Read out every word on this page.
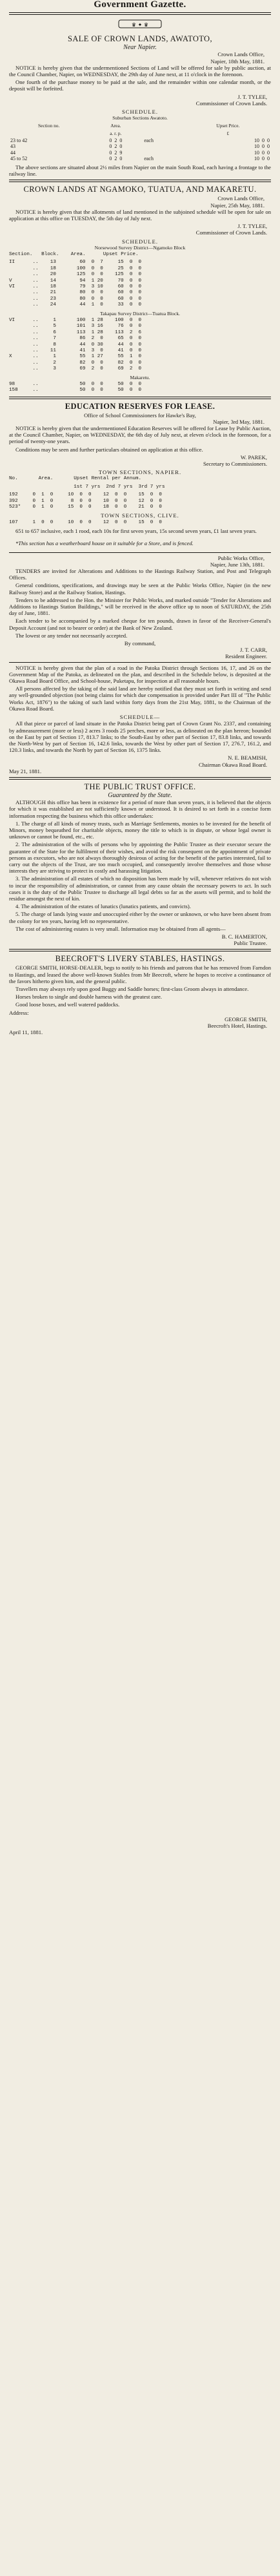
Government Gazette.
♛ ✦ ♛
SALE OF CROWN LANDS, AWATOTO,
Near Napier.
Crown Lands Office,
Napier, 18th May, 1881.

NOTICE is hereby given that the undermentioned Sections of Land will be offered for sale by public auction, at the Council Chamber, Napier, on WEDNESDAY, the 29th day of June next, at 11 o'clock in the forenoon.

One fourth of the purchase money to be paid at the sale, and the remainder within one calendar month, or the deposit will be forfeited.

J. T. TYLEE,
Commissioner of Crown Lands.
SCHEDULE.
Suburban Sections Awatoto.
Section no.	Area.		Upset Price.
	a. r. p.		£
23 to 42	0  2  0	each	10  0  0
43	0  2  0		10  0  0
44	0  2  9		10  0  0
45 to 52	0  2  0	each	10  0  0

The above sections are situated about 2½ miles from Napier on the main South Road, each having a frontage to the railway line.

CROWN LANDS AT NGAMOKO, TUATUA, AND MAKARETU.
Crown Lands Office,
Napier, 25th May, 1881.

NOTICE is hereby given that the allotments of land mentioned in the subjoined schedule will be open for sale on application at this office on TUESDAY, the 5th day of July next.

J. T. TYLEE,
Commissioner of Crown Lands.
SCHEDULE.
Norsewood Survey District—Ngamoko Block
Section. Block. Area.	Upset Price.
II      ..    13        60  0  7     15  0  0
..    18       100  0  0     25  0  0
..    20       125  0  0    125  0  0
V       ..    14        94  1 20     70  0  0
VI      ..    18        79  3 10     60  0  0
..    21        80  0  0     60  0  0
..    23        80  0  0     60  0  0
..    24        44  1  0     33  0  0
Takapau Survey District—Tuatua Block.
VI      ..     1       100  1 28    100  0  0
..     5       101  3 16     76  0  0
..     6       113  1 28    113  2  6
..     7        86  2  0     65  0  0
..     8        44  0 30     44  0  0
..    11        41  3  0     41  0  0
X       ..     1        55  1 27     55  1  0
..     2        82  0  0     82  0  0
..     3        69  2  0     69  2  0
Makaretu.
98      ..              50  0  0     50  0  0
158     ..              50  0  0     50  0  0
EDUCATION RESERVES FOR LEASE.
Office of School Commissioners for Hawke's Bay,
Napier, 3rd May, 1881.

NOTICE is hereby given that the undermentioned Education Reserves will be offered for Lease by Public Auction, at the Council Chamber, Napier, on WEDNESDAY, the 6th day of July next, at eleven o'clock in the forenoon, for a period of twenty-one years.

Conditions may be seen and further particulars obtained on application at this office.

W. PAREK,
Secretary to Commissioners.
TOWN SECTIONS, NAPIER.
No.       Area.       Upset Rental per Annum.
1st 7 yrs  2nd 7 yrs  3rd 7 yrs
192     0  1  0     10  0  0    12  0  0    15  0  0
392     0  1  0      8  0  0    10  0  0    12  0  0
523*    0  1  0     15  0  0    18  0  0    21  0  0
TOWN SECTIONS, CLIVE.
107     1  0  0     10  0  0    12  0  0    15  0  0

651 to 657 inclusive, each 1 rood, each 10s for first seven years, 15s second seven years, £1 last seven years.

*This section has a weatherboard house on it suitable for a Store, and is fenced.

Public Works Office,
Napier, June 13th, 1881.

TENDERS are invited for Alterations and Additions to the Hastings Railway Station, and Post and Telegraph Offices.

General conditions, specifications, and drawings may be seen at the Public Works Office, Napier (in the new Railway Store) and at the Railway Station, Hastings.

Tenders to be addressed to the Hon. the Minister for Public Works, and marked outside "Tender for Alterations and Additions to Hastings Station Buildings," will be received in the above office up to noon of SATURDAY, the 25th day of June, 1881.

Each tender to be accompanied by a marked cheque for ten pounds, drawn in favor of the Receiver-General's Deposit Account (and not to bearer or order) at the Bank of New Zealand.

The lowest or any tender not necessarily accepted.

By command,
J. T. CARR,
Resident Engineer.

NOTICE is hereby given that the plan of a road in the Patoka District through Sections 16, 17, and 26 on the Government Map of the Patoka, as delineated on the plan, and described in the Schedule below, is deposited at the Okawa Road Board Office, and School-house, Puketapu, for inspection at all reasonable hours.

All persons affected by the taking of the said land are hereby notified that they must set forth in writing and send any well-grounded objection (not being claims for which due compensation is provided under Part III of "The Public Works Act, 1876") to the taking of such land within forty days from the 21st May, 1881, to the Chairman of the Okawa Road Board.

SCHEDULE—

All that piece or parcel of land situate in the Patoka District being part of Crown Grant No. 2337, and containing by admeasurement (more or less) 2 acres 3 roods 25 perches, more or less, as delineated on the plan hereon; bounded on the East by part of Section 17, 813.7 links; to the South-East by other part of Section 17, 83.8 links, and towards the North-West by part of Section 16, 142.6 links, towards the West by other part of Section 17, 276.7, 161.2, and 120.3 links, and towards the North by part of Section 16, 1375 links.

N. E. BEAMISH,
Chairman Okawa Road Board.
May 21, 1881.
THE PUBLIC TRUST OFFICE.
Guaranteed by the State.

ALTHOUGH this office has been in existence for a period of more than seven years, it is believed that the objects for which it was established are not sufficiently known or understood. It is desired to set forth in a concise form information respecting the business which this office undertakes:

1. The charge of all kinds of money trusts, such as Marriage Settlements, monies to be invested for the benefit of Minors, money bequeathed for charitable objects, money the title to which is in dispute, or whose legal owner is unknown or cannot be found, etc., etc.

2. The administration of the wills of persons who by appointing the Public Trustee as their executor secure the guarantee of the State for the fulfilment of their wishes, and avoid the risk consequent on the appointment of private persons as executors, who are not always thoroughly desirous of acting for the benefit of the parties interested, fail to carry out the objects of the Trust, are too much occupied, and consequently involve themselves and those whose interests they are striving to protect in costly and harassing litigation.

3. The administration of all estates of which no disposition has been made by will, whenever relatives do not wish to incur the responsibility of administration, or cannot from any cause obtain the necessary powers to act. In such cases it is the duty of the Public Trustee to discharge all legal debts so far as the assets will permit, and to hold the residue amongst the next of kin.

4. The administration of the estates of lunatics (lunatics patients, and convicts).

5. The charge of lands lying waste and unoccupied either by the owner or unknown, or who have been absent from the colony for ten years, having left no representative.

The cost of administering estates is very small. Information may be obtained from all agents—

B. C. HAMERTON,
Public Trustee.
BEECROFT'S LIVERY STABLES, HASTINGS.

GEORGE SMITH, HORSE-DEALER, begs to notify to his friends and patrons that he has removed from Farndon to Hastings, and leased the above well-known Stables from Mr Beecroft, where he hopes to receive a continuance of the favors hitherto given him, and the general public.

Travellers may always rely upon good Buggy and Saddle horses; first-class Groom always in attendance.

Horses broken to single and double harness with the greatest care.

Good loose boxes, and well watered paddocks.

Address:
GEORGE SMITH,
Beecroft's Hotel, Hastings.
April 11, 1881.
